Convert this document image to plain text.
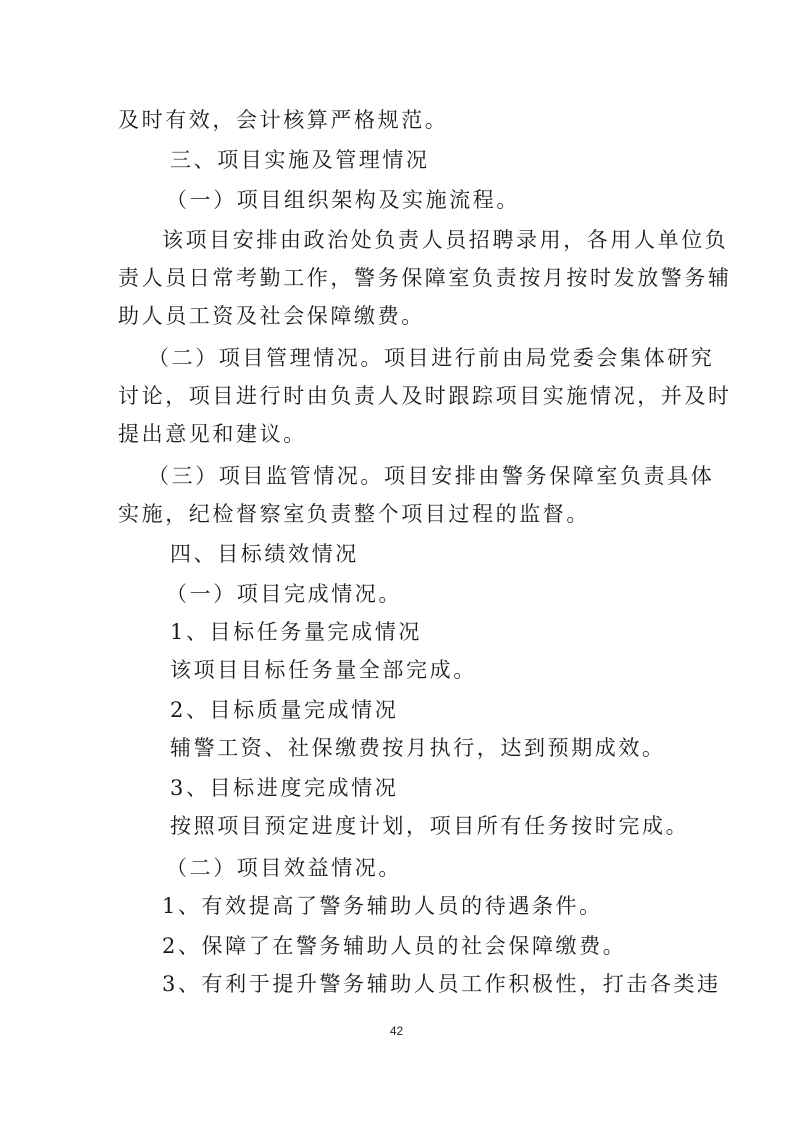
及时有效，会计核算严格规范。
三、项目实施及管理情况
（一）项目组织架构及实施流程。
该项目安排由政治处负责人员招聘录用，各用人单位负
责人员日常考勤工作，警务保障室负责按月按时发放警务辅
助人员工资及社会保障缴费。
（二）项目管理情况。项目进行前由局党委会集体研究
讨论，项目进行时由负责人及时跟踪项目实施情况，并及时
提出意见和建议。
（三）项目监管情况。项目安排由警务保障室负责具体
实施，纪检督察室负责整个项目过程的监督。
四、目标绩效情况
（一）项目完成情况。
1、目标任务量完成情况
该项目目标任务量全部完成。
2、目标质量完成情况
辅警工资、社保缴费按月执行，达到预期成效。
3、目标进度完成情况
按照项目预定进度计划，项目所有任务按时完成。
（二）项目效益情况。
1、有效提高了警务辅助人员的待遇条件。
2、保障了在警务辅助人员的社会保障缴费。
3、有利于提升警务辅助人员工作积极性，打击各类违
42
